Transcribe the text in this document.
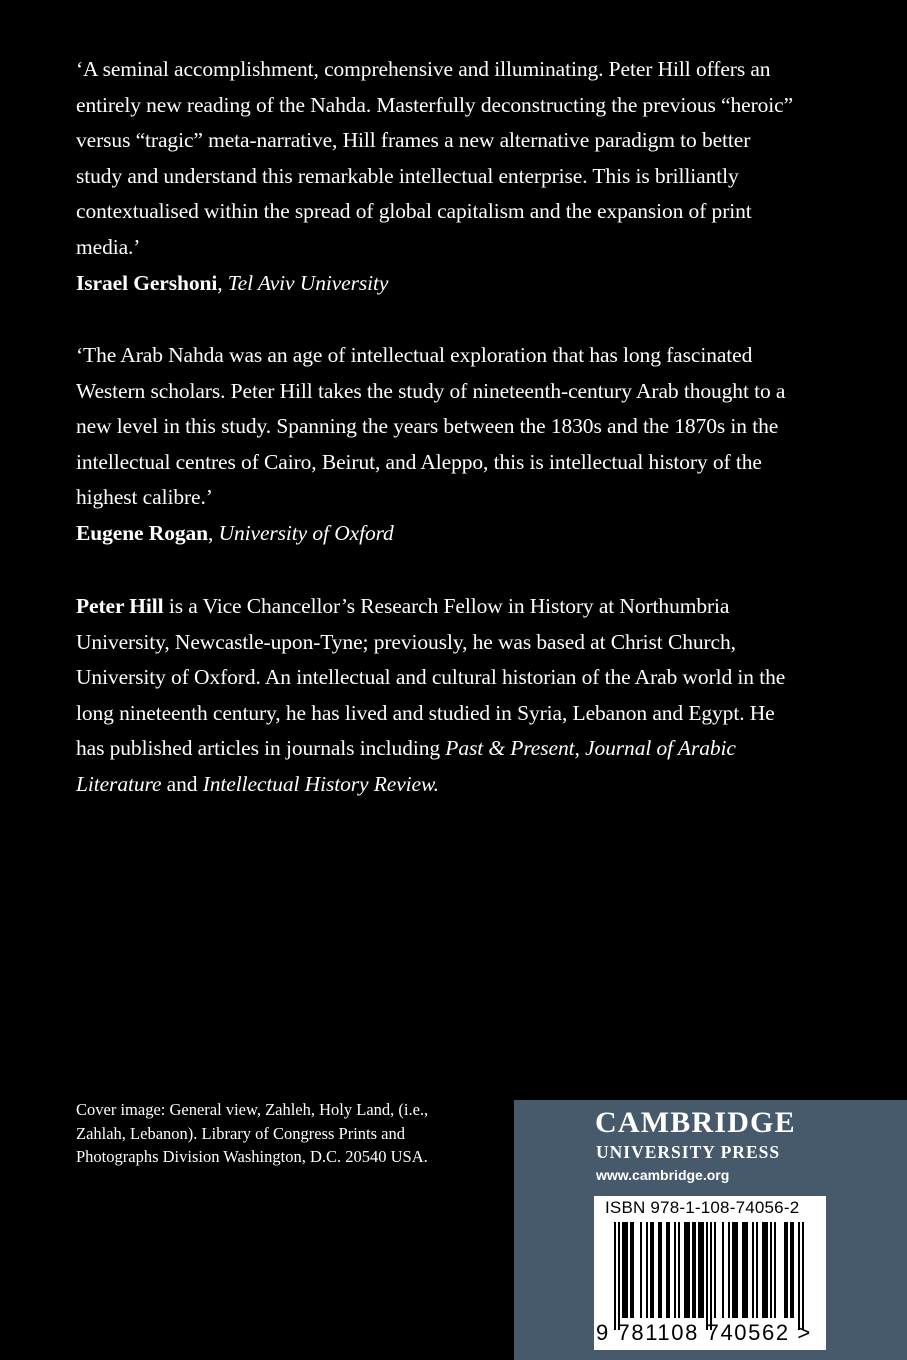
‘A seminal accomplishment, comprehensive and illuminating. Peter Hill offers an entirely new reading of the Nahda. Masterfully deconstructing the previous “heroic” versus “tragic” meta-narrative, Hill frames a new alternative paradigm to better study and understand this remarkable intellectual enterprise. This is brilliantly contextualised within the spread of global capitalism and the expansion of print media.’
Israel Gershoni, Tel Aviv University

‘The Arab Nahda was an age of intellectual exploration that has long fascinated Western scholars. Peter Hill takes the study of nineteenth-century Arab thought to a new level in this study. Spanning the years between the 1830s and the 1870s in the intellectual centres of Cairo, Beirut, and Aleppo, this is intellectual history of the highest calibre.’
Eugene Rogan, University of Oxford

Peter Hill is a Vice Chancellor’s Research Fellow in History at Northumbria University, Newcastle-upon-Tyne; previously, he was based at Christ Church, University of Oxford. An intellectual and cultural historian of the Arab world in the long nineteenth century, he has lived and studied in Syria, Lebanon and Egypt. He has published articles in journals including Past & Present, Journal of Arabic Literature and Intellectual History Review.

Cover image: General view, Zahleh, Holy Land, (i.e., Zahlah, Lebanon). Library of Congress Prints and Photographs Division Washington, D.C. 20540 USA.
CAMBRIDGE
UNIVERSITY PRESS
www.cambridge.org
ISBN 978-1-108-74056-2
9 781108 740562 >
